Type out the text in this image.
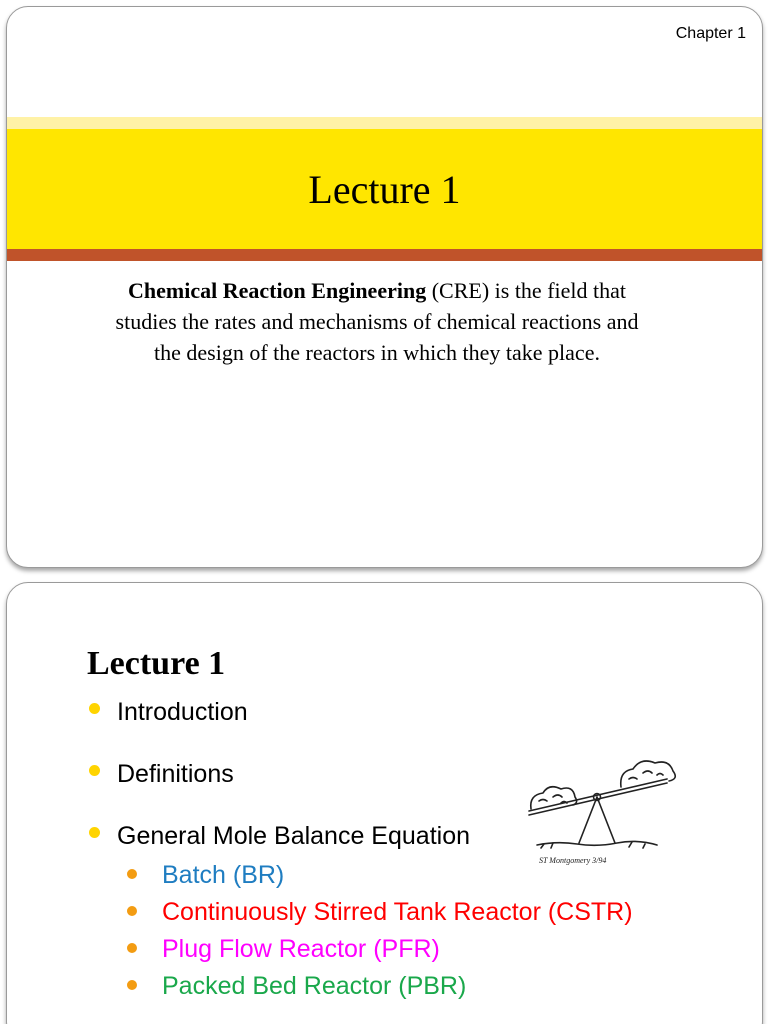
Chapter 1
Lecture 1
Chemical Reaction Engineering (CRE) is the field that studies the rates and mechanisms of chemical reactions and the design of the reactors in which they take place.
Lecture 1
Introduction
Definitions
General Mole Balance Equation
Batch (BR)
Continuously Stirred Tank Reactor (CSTR)
Plug Flow Reactor (PFR)
Packed Bed Reactor (PBR)
ST Montgomery 3/94
